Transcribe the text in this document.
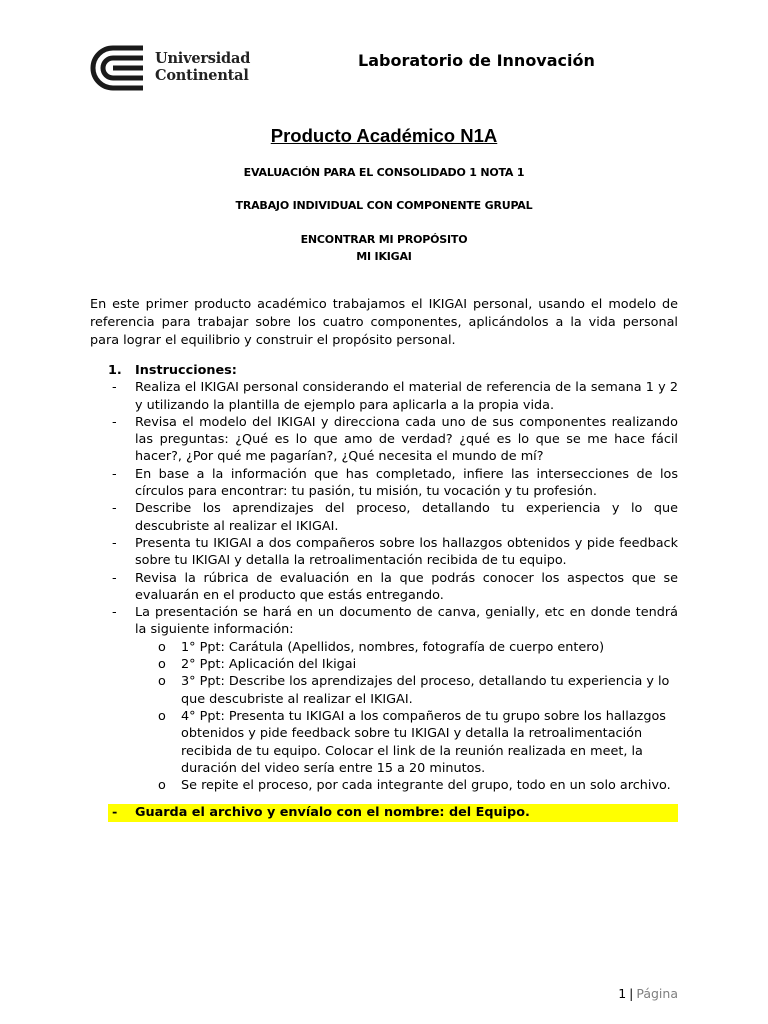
Universidad
Continental
Laboratorio de Innovación
Producto Académico N1A
EVALUACIÓN PARA EL CONSOLIDADO 1 NOTA 1
TRABAJO INDIVIDUAL CON COMPONENTE GRUPAL
ENCONTRAR MI PROPÓSITO
MI IKIGAI
En este primer producto académico trabajamos el IKIGAI personal, usando el modelo de referencia para trabajar sobre los cuatro componentes, aplicándolos a la vida personal para lograr el equilibrio y construir el propósito personal.
1. Instrucciones:
- Realiza el IKIGAI personal considerando el material de referencia de la semana 1 y 2 y utilizando la plantilla de ejemplo para aplicarla a la propia vida.
- Revisa el modelo del IKIGAI y direcciona cada uno de sus componentes realizando las preguntas: ¿Qué es lo que amo de verdad? ¿qué es lo que se me hace fácil hacer?, ¿Por qué me pagarían?, ¿Qué necesita el mundo de mí?
- En base a la información que has completado, infiere las intersecciones de los círculos para encontrar: tu pasión, tu misión, tu vocación y tu profesión.
- Describe los aprendizajes del proceso, detallando tu experiencia y lo que descubriste al realizar el IKIGAI.
- Presenta tu IKIGAI a dos compañeros sobre los hallazgos obtenidos y pide feedback sobre tu IKIGAI y detalla la retroalimentación recibida de tu equipo.
- Revisa la rúbrica de evaluación en la que podrás conocer los aspectos que se evaluarán en el producto que estás entregando.
- La presentación se hará en un documento de canva, genially, etc en donde tendrá la siguiente información:
o 1° Ppt: Carátula (Apellidos, nombres, fotografía de cuerpo entero)
o 2° Ppt: Aplicación del Ikigai
o 3° Ppt: Describe los aprendizajes del proceso, detallando tu experiencia y lo que descubriste al realizar el IKIGAI.
o 4° Ppt: Presenta tu IKIGAI a los compañeros de tu grupo sobre los hallazgos obtenidos y pide feedback sobre tu IKIGAI y detalla la retroalimentación recibida de tu equipo. Colocar el link de la reunión realizada en meet, la duración del video sería entre 15 a 20 minutos.
o Se repite el proceso, por cada integrante del grupo, todo en un solo archivo.
- Guarda el archivo y envíalo con el nombre: del Equipo.
1 | Página
